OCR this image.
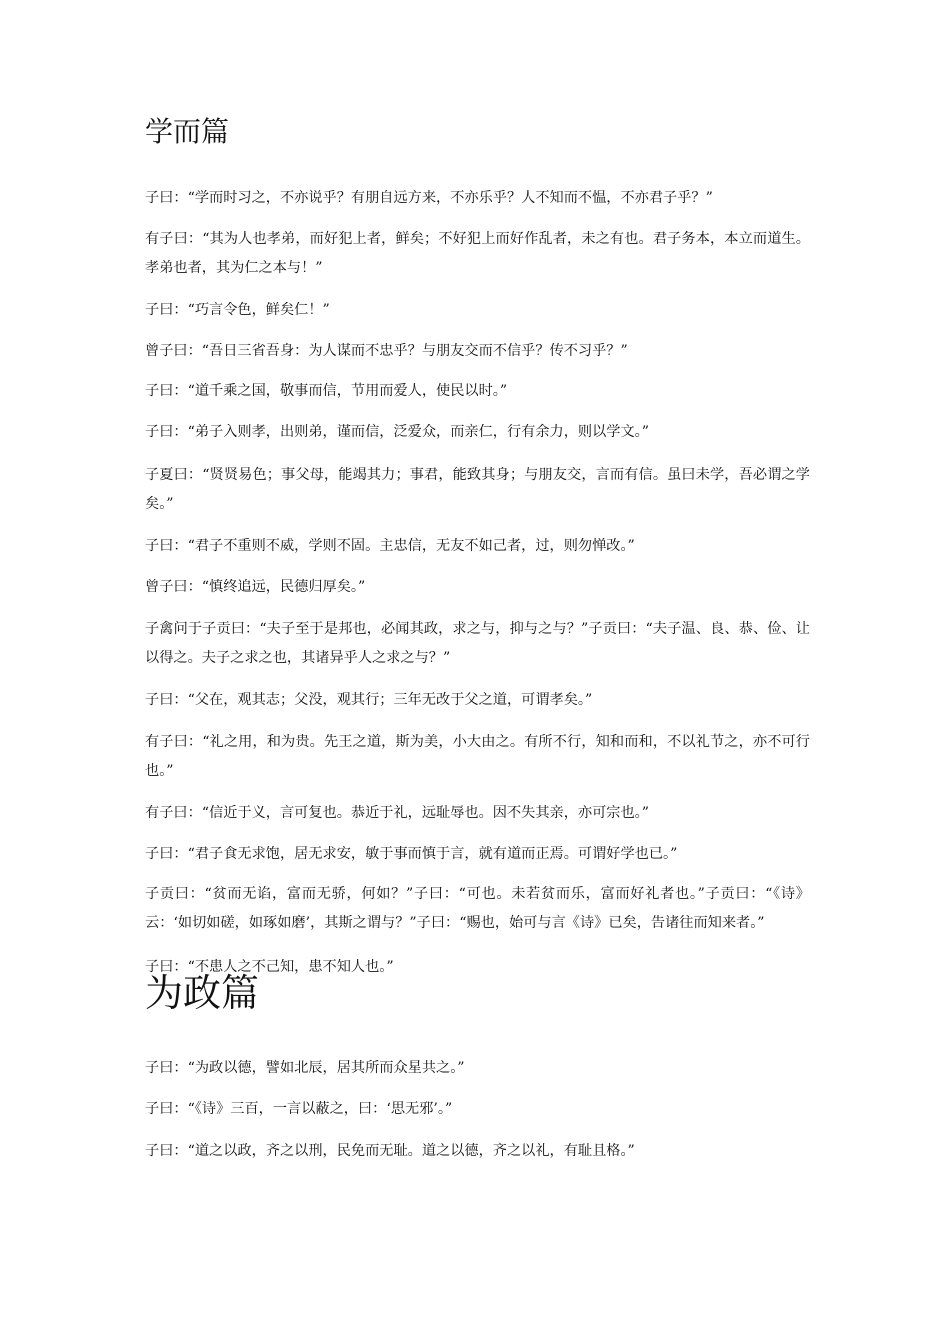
学而篇

子曰：“学而时习之，不亦说乎？有朋自远方来，不亦乐乎？人不知而不愠，不亦君子乎？”

有子曰：“其为人也孝弟，而好犯上者，鲜矣；不好犯上而好作乱者，未之有也。君子务本，本立而道生。孝弟也者，其为仁之本与！”

子曰：“巧言令色，鲜矣仁！”

曾子曰：“吾日三省吾身：为人谋而不忠乎？与朋友交而不信乎？传不习乎？”

子曰：“道千乘之国，敬事而信，节用而爱人，使民以时。”

子曰：“弟子入则孝，出则弟，谨而信，泛爱众，而亲仁，行有余力，则以学文。”

子夏曰：“贤贤易色；事父母，能竭其力；事君，能致其身；与朋友交，言而有信。虽曰未学，吾必谓之学矣。”

子曰：“君子不重则不威，学则不固。主忠信，无友不如己者，过，则勿惮改。”

曾子曰：“慎终追远，民德归厚矣。”

子禽问于子贡曰：“夫子至于是邦也，必闻其政，求之与，抑与之与？”子贡曰：“夫子温、良、恭、俭、让以得之。夫子之求之也，其诸异乎人之求之与？”

子曰：“父在，观其志；父没，观其行；三年无改于父之道，可谓孝矣。”

有子曰：“礼之用，和为贵。先王之道，斯为美，小大由之。有所不行，知和而和，不以礼节之，亦不可行也。”

有子曰：“信近于义，言可复也。恭近于礼，远耻辱也。因不失其亲，亦可宗也。”

子曰：“君子食无求饱，居无求安，敏于事而慎于言，就有道而正焉。可谓好学也已。”

子贡曰：“贫而无谄，富而无骄，何如？”子曰：“可也。未若贫而乐，富而好礼者也。”子贡曰：“《诗》云：‘如切如磋，如琢如磨’，其斯之谓与？”子曰：“赐也，始可与言《诗》已矣，告诸往而知来者。”

子曰：“不患人之不己知，患不知人也。”

为政篇

子曰：“为政以德，譬如北辰，居其所而众星共之。”

子曰：“《诗》三百，一言以蔽之，曰：‘思无邪’。”

子曰：“道之以政，齐之以刑，民免而无耻。道之以德，齐之以礼，有耻且格。”
